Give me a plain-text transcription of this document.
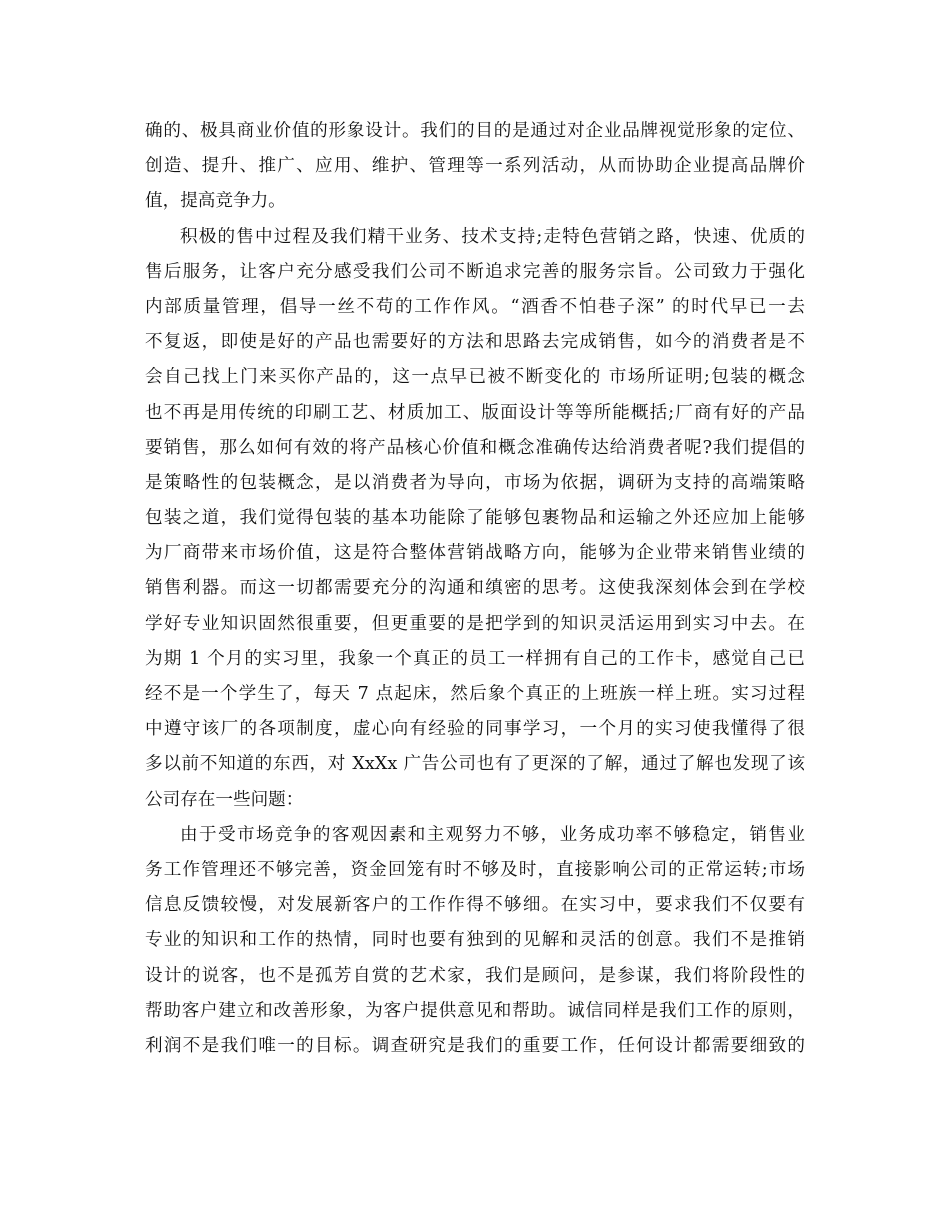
确的、极具商业价值的形象设计。我们的目的是通过对企业品牌视觉形象的定位、
创造、提升、推广、应用、维护、管理等一系列活动，从而协助企业提高品牌价
值，提高竞争力。
积极的售中过程及我们精干业务、技术支持;走特色营销之路，快速、优质的
售后服务，让客户充分感受我们公司不断追求完善的服务宗旨。公司致力于强化
内部质量管理，倡导一丝不苟的工作作风。“酒香不怕巷子深” 的时代早已一去
不复返，即使是好的产品也需要好的方法和思路去完成销售，如今的消费者是不
会自己找上门来买你产品的，这一点早已被不断变化的 市场所证明;包装的概念
也不再是用传统的印刷工艺、材质加工、版面设计等等所能概括;厂商有好的产品
要销售，那么如何有效的将产品核心价值和概念准确传达给消费者呢?我们提倡的
是策略性的包装概念，是以消费者为导向，市场为依据，调研为支持的高端策略
包装之道，我们觉得包装的基本功能除了能够包裹物品和运输之外还应加上能够
为厂商带来市场价值，这是符合整体营销战略方向，能够为企业带来销售业绩的
销售利器。而这一切都需要充分的沟通和缜密的思考。这使我深刻体会到在学校
学好专业知识固然很重要，但更重要的是把学到的知识灵活运用到实习中去。在
为期 1 个月的实习里，我象一个真正的员工一样拥有自己的工作卡，感觉自己已
经不是一个学生了，每天 7 点起床，然后象个真正的上班族一样上班。实习过程
中遵守该厂的各项制度，虚心向有经验的同事学习，一个月的实习使我懂得了很
多以前不知道的东西，对 XxXx 广告公司也有了更深的了解，通过了解也发现了该
公司存在一些问题：
由于受市场竞争的客观因素和主观努力不够，业务成功率不够稳定，销售业
务工作管理还不够完善，资金回笼有时不够及时，直接影响公司的正常运转;市场
信息反馈较慢，对发展新客户的工作作得不够细。在实习中，要求我们不仅要有
专业的知识和工作的热情，同时也要有独到的见解和灵活的创意。我们不是推销
设计的说客，也不是孤芳自赏的艺术家，我们是顾问，是参谋，我们将阶段性的
帮助客户建立和改善形象，为客户提供意见和帮助。诚信同样是我们工作的原则，
利润不是我们唯一的目标。调查研究是我们的重要工作，任何设计都需要细致的
